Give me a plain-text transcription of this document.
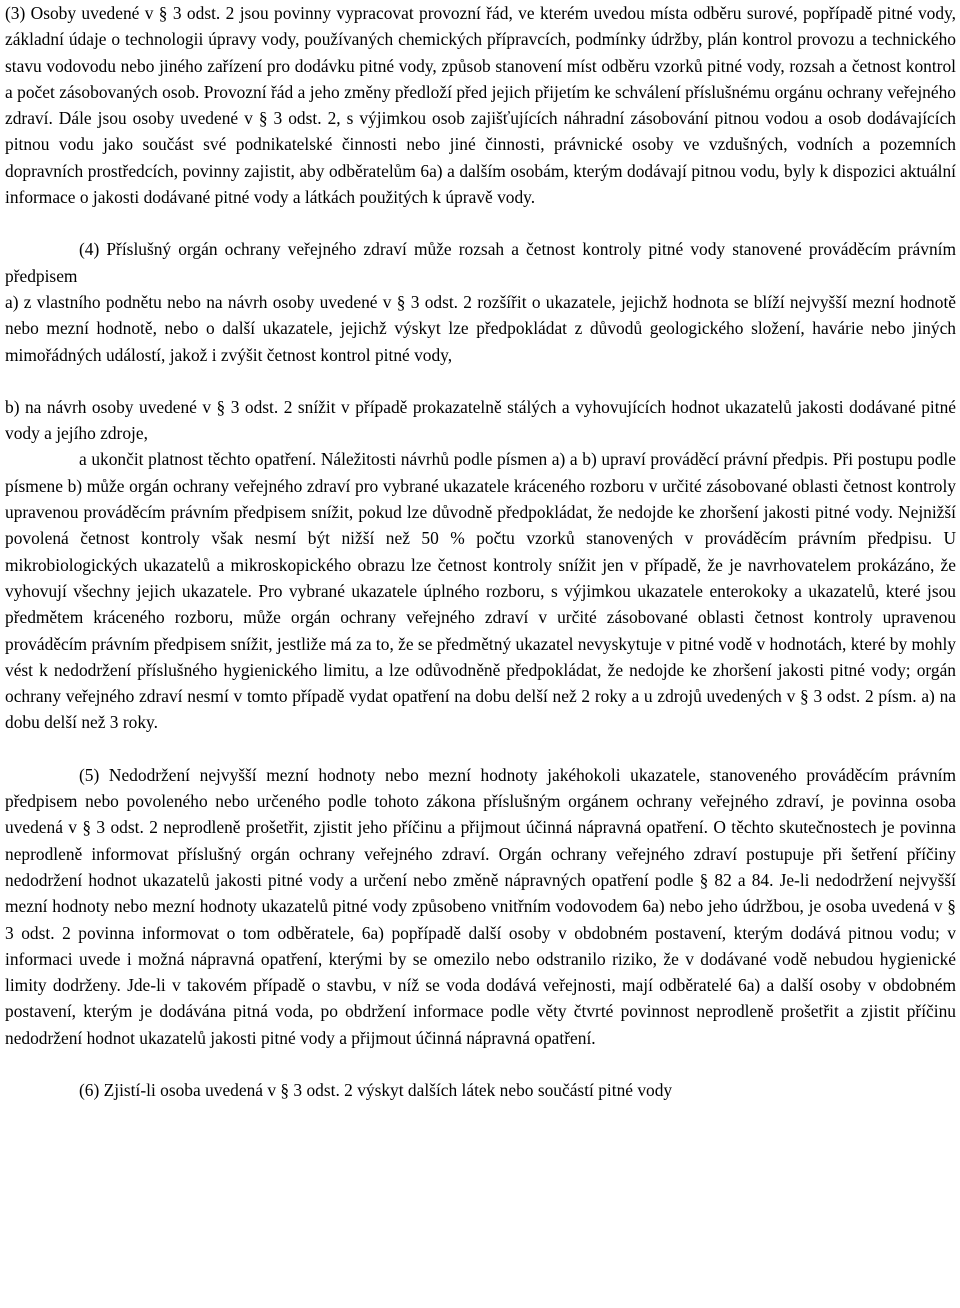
(3) Osoby uvedené v § 3 odst. 2 jsou povinny vypracovat provozní řád, ve kterém uvedou místa odběru surové, popřípadě pitné vody, základní údaje o technologii úpravy vody, používaných chemických přípravcích, podmínky údržby, plán kontrol provozu a technického stavu vodovodu nebo jiného zařízení pro dodávku pitné vody, způsob stanovení míst odběru vzorků pitné vody, rozsah a četnost kontrol a počet zásobovaných osob. Provozní řád a jeho změny předloží před jejich přijetím ke schválení příslušnému orgánu ochrany veřejného zdraví. Dále jsou osoby uvedené v § 3 odst. 2, s výjimkou osob zajišťujících náhradní zásobování pitnou vodou a osob dodávajících pitnou vodu jako součást své podnikatelské činnosti nebo jiné činnosti, právnické osoby ve vzdušných, vodních a pozemních dopravních prostředcích, povinny zajistit, aby odběratelům 6a) a dalším osobám, kterým dodávají pitnou vodu, byly k dispozici aktuální informace o jakosti dodávané pitné vody a látkách použitých k úpravě vody.

(4) Příslušný orgán ochrany veřejného zdraví může rozsah a četnost kontroly pitné vody stanovené prováděcím právním předpisem

a) z vlastního podnětu nebo na návrh osoby uvedené v § 3 odst. 2 rozšířit o ukazatele, jejichž hodnota se blíží nejvyšší mezní hodnotě nebo mezní hodnotě, nebo o další ukazatele, jejichž výskyt lze předpokládat z důvodů geologického složení, havárie nebo jiných mimořádných událostí, jakož i zvýšit četnost kontrol pitné vody,

b) na návrh osoby uvedené v § 3 odst. 2 snížit v případě prokazatelně stálých a vyhovujících hodnot ukazatelů jakosti dodávané pitné vody a jejího zdroje,

a ukončit platnost těchto opatření. Náležitosti návrhů podle písmen a) a b) upraví prováděcí právní předpis. Při postupu podle písmene b) může orgán ochrany veřejného zdraví pro vybrané ukazatele kráceného rozboru v určité zásobované oblasti četnost kontroly upravenou prováděcím právním předpisem snížit, pokud lze důvodně předpokládat, že nedojde ke zhoršení jakosti pitné vody. Nejnižší povolená četnost kontroly však nesmí být nižší než 50 % počtu vzorků stanovených v prováděcím právním předpisu. U mikrobiologických ukazatelů a mikroskopického obrazu lze četnost kontroly snížit jen v případě, že je navrhovatelem prokázáno, že vyhovují všechny jejich ukazatele. Pro vybrané ukazatele úplného rozboru, s výjimkou ukazatele enterokoky a ukazatelů, které jsou předmětem kráceného rozboru, může orgán ochrany veřejného zdraví v určité zásobované oblasti četnost kontroly upravenou prováděcím právním předpisem snížit, jestliže má za to, že se předmětný ukazatel nevyskytuje v pitné vodě v hodnotách, které by mohly vést k nedodržení příslušného hygienického limitu, a lze odůvodněně předpokládat, že nedojde ke zhoršení jakosti pitné vody; orgán ochrany veřejného zdraví nesmí v tomto případě vydat opatření na dobu delší než 2 roky a u zdrojů uvedených v § 3 odst. 2 písm. a) na dobu delší než 3 roky.

(5) Nedodržení nejvyšší mezní hodnoty nebo mezní hodnoty jakéhokoli ukazatele, stanoveného prováděcím právním předpisem nebo povoleného nebo určeného podle tohoto zákona příslušným orgánem ochrany veřejného zdraví, je povinna osoba uvedená v § 3 odst. 2 neprodleně prošetřit, zjistit jeho příčinu a přijmout účinná nápravná opatření. O těchto skutečnostech je povinna neprodleně informovat příslušný orgán ochrany veřejného zdraví. Orgán ochrany veřejného zdraví postupuje při šetření příčiny nedodržení hodnot ukazatelů jakosti pitné vody a určení nebo změně nápravných opatření podle § 82 a 84. Je-li nedodržení nejvyšší mezní hodnoty nebo mezní hodnoty ukazatelů pitné vody způsobeno vnitřním vodovodem 6a) nebo jeho údržbou, je osoba uvedená v § 3 odst. 2 povinna informovat o tom odběratele, 6a) popřípadě další osoby v obdobném postavení, kterým dodává pitnou vodu; v informaci uvede i možná nápravná opatření, kterými by se omezilo nebo odstranilo riziko, že v dodávané vodě nebudou hygienické limity dodrženy. Jde-li v takovém případě o stavbu, v níž se voda dodává veřejnosti, mají odběratelé 6a) a další osoby v obdobném postavení, kterým je dodávána pitná voda, po obdržení informace podle věty čtvrté povinnost neprodleně prošetřit a zjistit příčinu nedodržení hodnot ukazatelů jakosti pitné vody a přijmout účinná nápravná opatření.

(6) Zjistí-li osoba uvedená v § 3 odst. 2 výskyt dalších látek nebo součástí pitné vody
